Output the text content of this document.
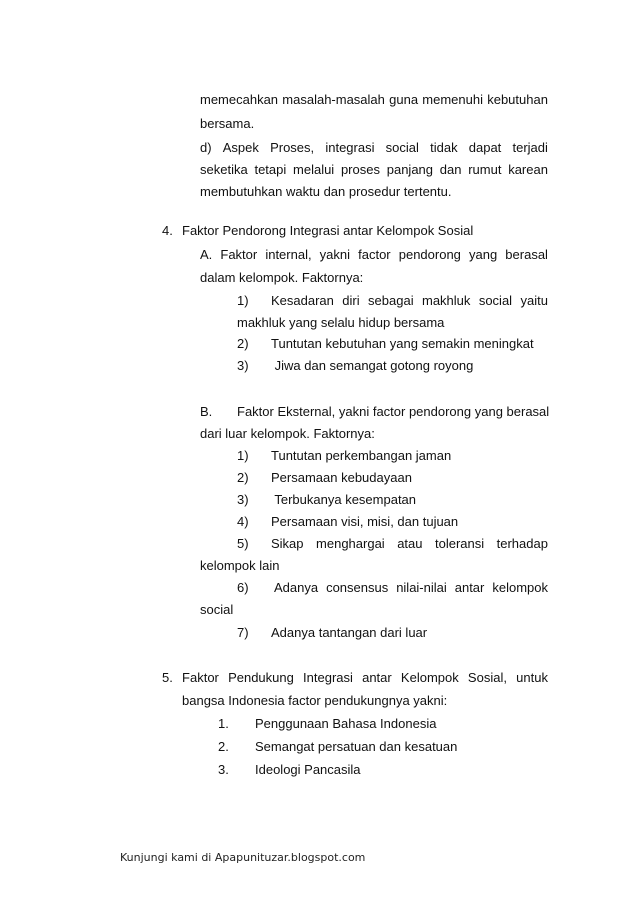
memecahkan masalah-masalah guna memenuhi kebutuhan
bersama.
d) Aspek Proses, integrasi social tidak dapat terjadi
seketika tetapi melalui proses panjang dan rumut karean
membutuhkan waktu dan prosedur tertentu.
4. Faktor Pendorong Integrasi antar Kelompok Sosial
A. Faktor internal, yakni factor pendorong yang berasal
dalam kelompok. Faktornya:
1) Kesadaran diri sebagai makhluk social yaitu
makhluk yang selalu hidup bersama
2) Tuntutan kebutuhan yang semakin meningkat
3) Jiwa dan semangat gotong royong
B. Faktor Eksternal, yakni factor pendorong yang berasal
dari luar kelompok. Faktornya:
1) Tuntutan perkembangan jaman
2) Persamaan kebudayaan
3) Terbukanya kesempatan
4) Persamaan visi, misi, dan tujuan
5) Sikap menghargai atau toleransi terhadap
kelompok lain
6) Adanya consensus nilai-nilai antar kelompok
social
7) Adanya tantangan dari luar
5. Faktor Pendukung Integrasi antar Kelompok Sosial, untuk
bangsa Indonesia factor pendukungnya yakni:
1. Penggunaan Bahasa Indonesia
2. Semangat persatuan dan kesatuan
3. Ideologi Pancasila
Kunjungi kami di Apapunituzar.blogspot.com
